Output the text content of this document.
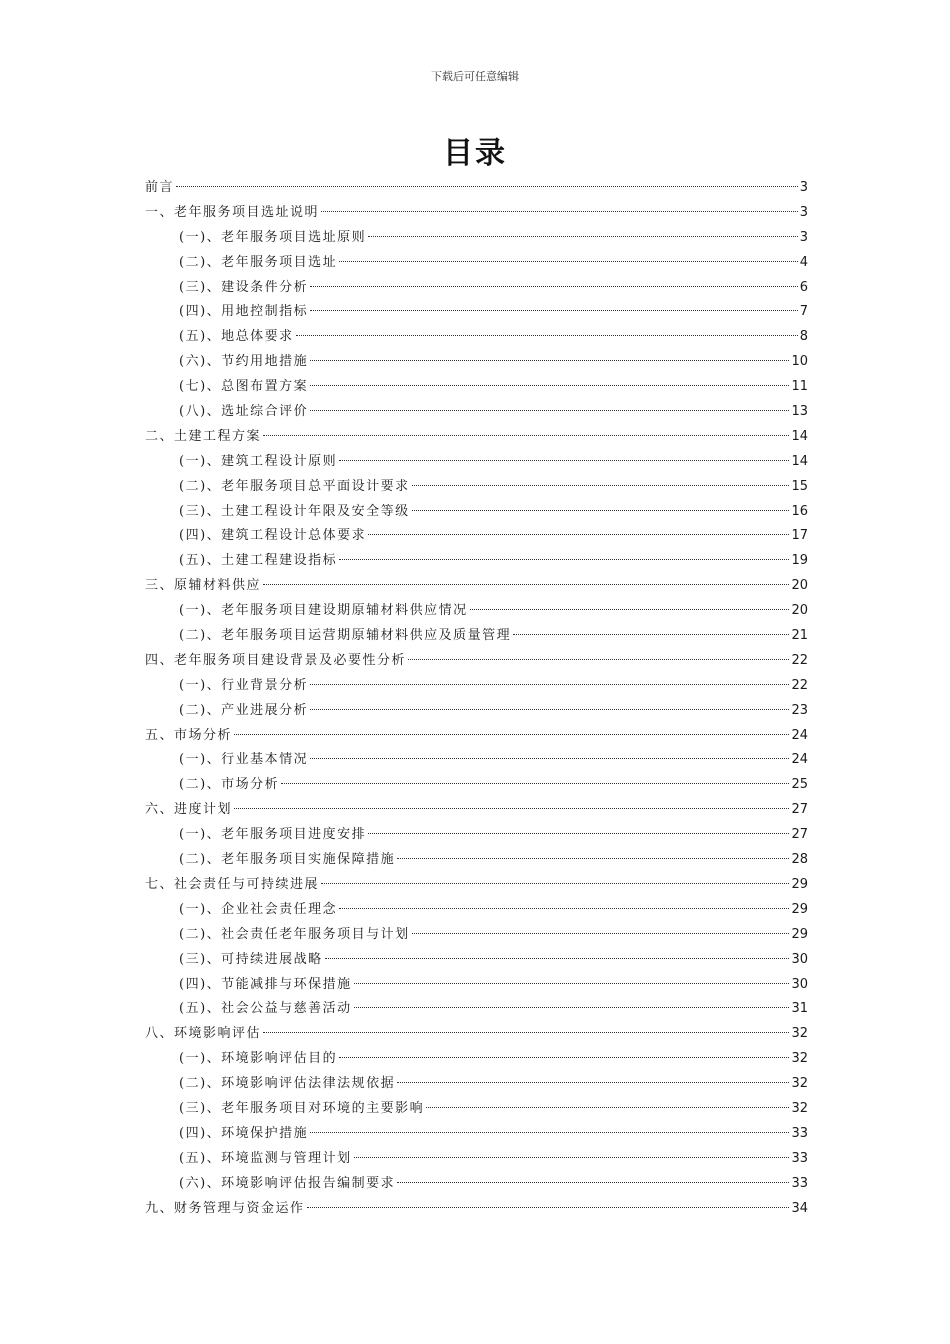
下载后可任意编辑
目录
前言	3
一、老年服务项目选址说明	3
(一)、老年服务项目选址原则	3
(二)、老年服务项目选址	4
(三)、建设条件分析	6
(四)、用地控制指标	7
(五)、地总体要求	8
(六)、节约用地措施	10
(七)、总图布置方案	11
(八)、选址综合评价	13
二、土建工程方案	14
(一)、建筑工程设计原则	14
(二)、老年服务项目总平面设计要求	15
(三)、土建工程设计年限及安全等级	16
(四)、建筑工程设计总体要求	17
(五)、土建工程建设指标	19
三、原辅材料供应	20
(一)、老年服务项目建设期原辅材料供应情况	20
(二)、老年服务项目运营期原辅材料供应及质量管理	21
四、老年服务项目建设背景及必要性分析	22
(一)、行业背景分析	22
(二)、产业进展分析	23
五、市场分析	24
(一)、行业基本情况	24
(二)、市场分析	25
六、进度计划	27
(一)、老年服务项目进度安排	27
(二)、老年服务项目实施保障措施	28
七、社会责任与可持续进展	29
(一)、企业社会责任理念	29
(二)、社会责任老年服务项目与计划	29
(三)、可持续进展战略	30
(四)、节能减排与环保措施	30
(五)、社会公益与慈善活动	31
八、环境影响评估	32
(一)、环境影响评估目的	32
(二)、环境影响评估法律法规依据	32
(三)、老年服务项目对环境的主要影响	32
(四)、环境保护措施	33
(五)、环境监测与管理计划	33
(六)、环境影响评估报告编制要求	33
九、财务管理与资金运作	34
